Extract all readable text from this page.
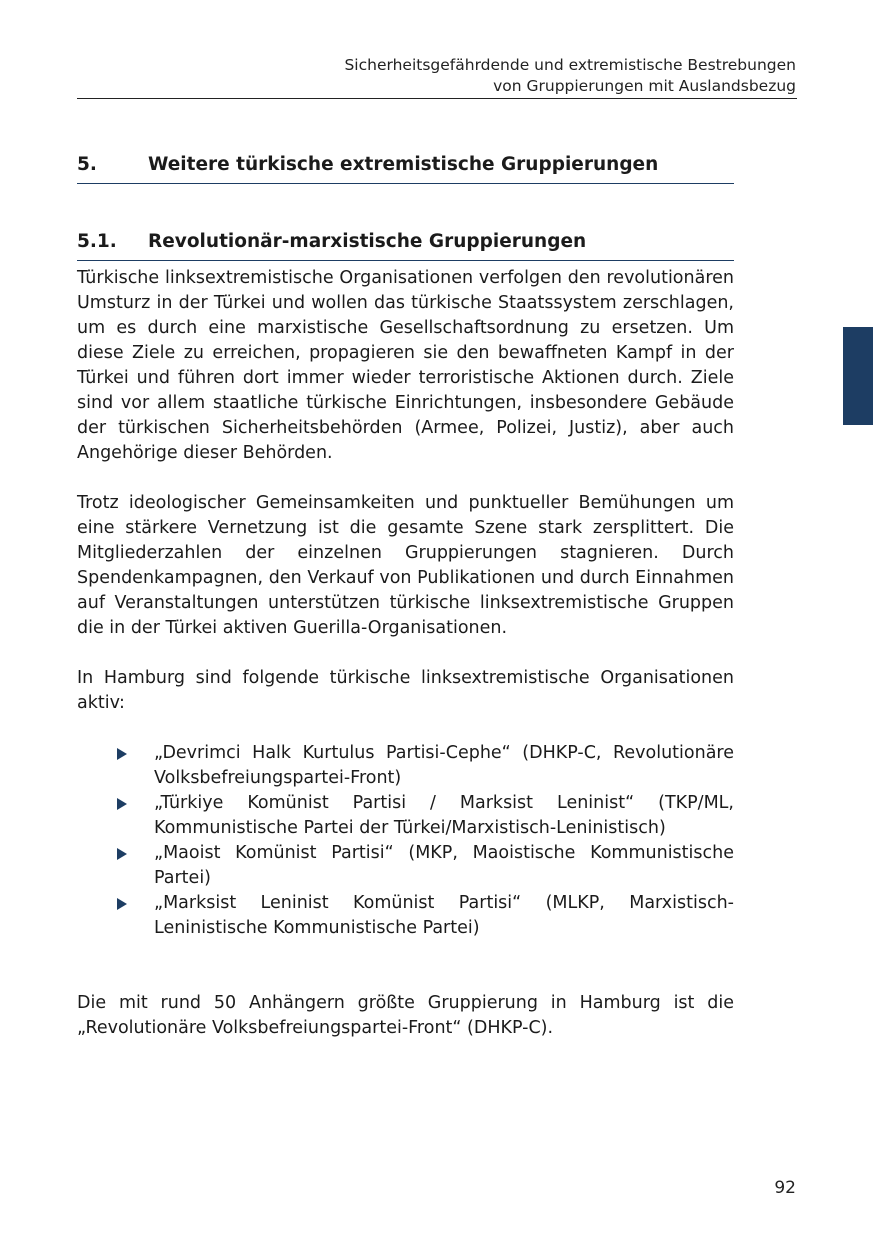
Sicherheitsgefährdende und extremistische Bestrebungen
von Gruppierungen mit Auslandsbezug
5.	Weitere türkische extremistische Gruppierungen
5.1.	Revolutionär-marxistische Gruppierungen

Türkische linksextremistische Organisationen verfolgen den revolutionären Umsturz in der Türkei und wollen das türkische Staatssystem zerschlagen, um es durch eine marxistische Gesellschaftsordnung zu ersetzen. Um diese Ziele zu erreichen, propagieren sie den bewaffneten Kampf in der Türkei und führen dort immer wieder terroristische Aktionen durch. Ziele sind vor allem staatliche türkische Einrichtungen, insbesondere Gebäude der türkischen Sicherheitsbehörden (Armee, Polizei, Justiz), aber auch Angehörige dieser Behörden.

Trotz ideologischer Gemeinsamkeiten und punktueller Bemühungen um eine stärkere Vernetzung ist die gesamte Szene stark zersplittert. Die Mitgliederzahlen der einzelnen Gruppierungen stagnieren. Durch Spendenkampagnen, den Verkauf von Publikationen und durch Einnahmen auf Veranstaltungen unterstützen türkische linksextremistische Gruppen die in der Türkei aktiven Guerilla-Organisationen.

In Hamburg sind folgende türkische linksextremistische Organisationen aktiv:

„Devrimci Halk Kurtulus Partisi-Cephe“ (DHKP-C, Revolutionäre Volksbefreiungspartei-Front)
„Türkiye Komünist Partisi / Marksist Leninist“ (TKP/ML, Kommunistische Partei der Türkei/Marxistisch-Leninistisch)
„Maoist Komünist Partisi“ (MKP, Maoistische Kommunistische Partei)
„Marksist Leninist Komünist Partisi“ (MLKP, Marxistisch-Leninistische Kommunistische Partei)

Die mit rund 50 Anhängern größte Gruppierung in Hamburg ist die „Revolutionäre Volksbefreiungspartei-Front“ (DHKP-C).

92
